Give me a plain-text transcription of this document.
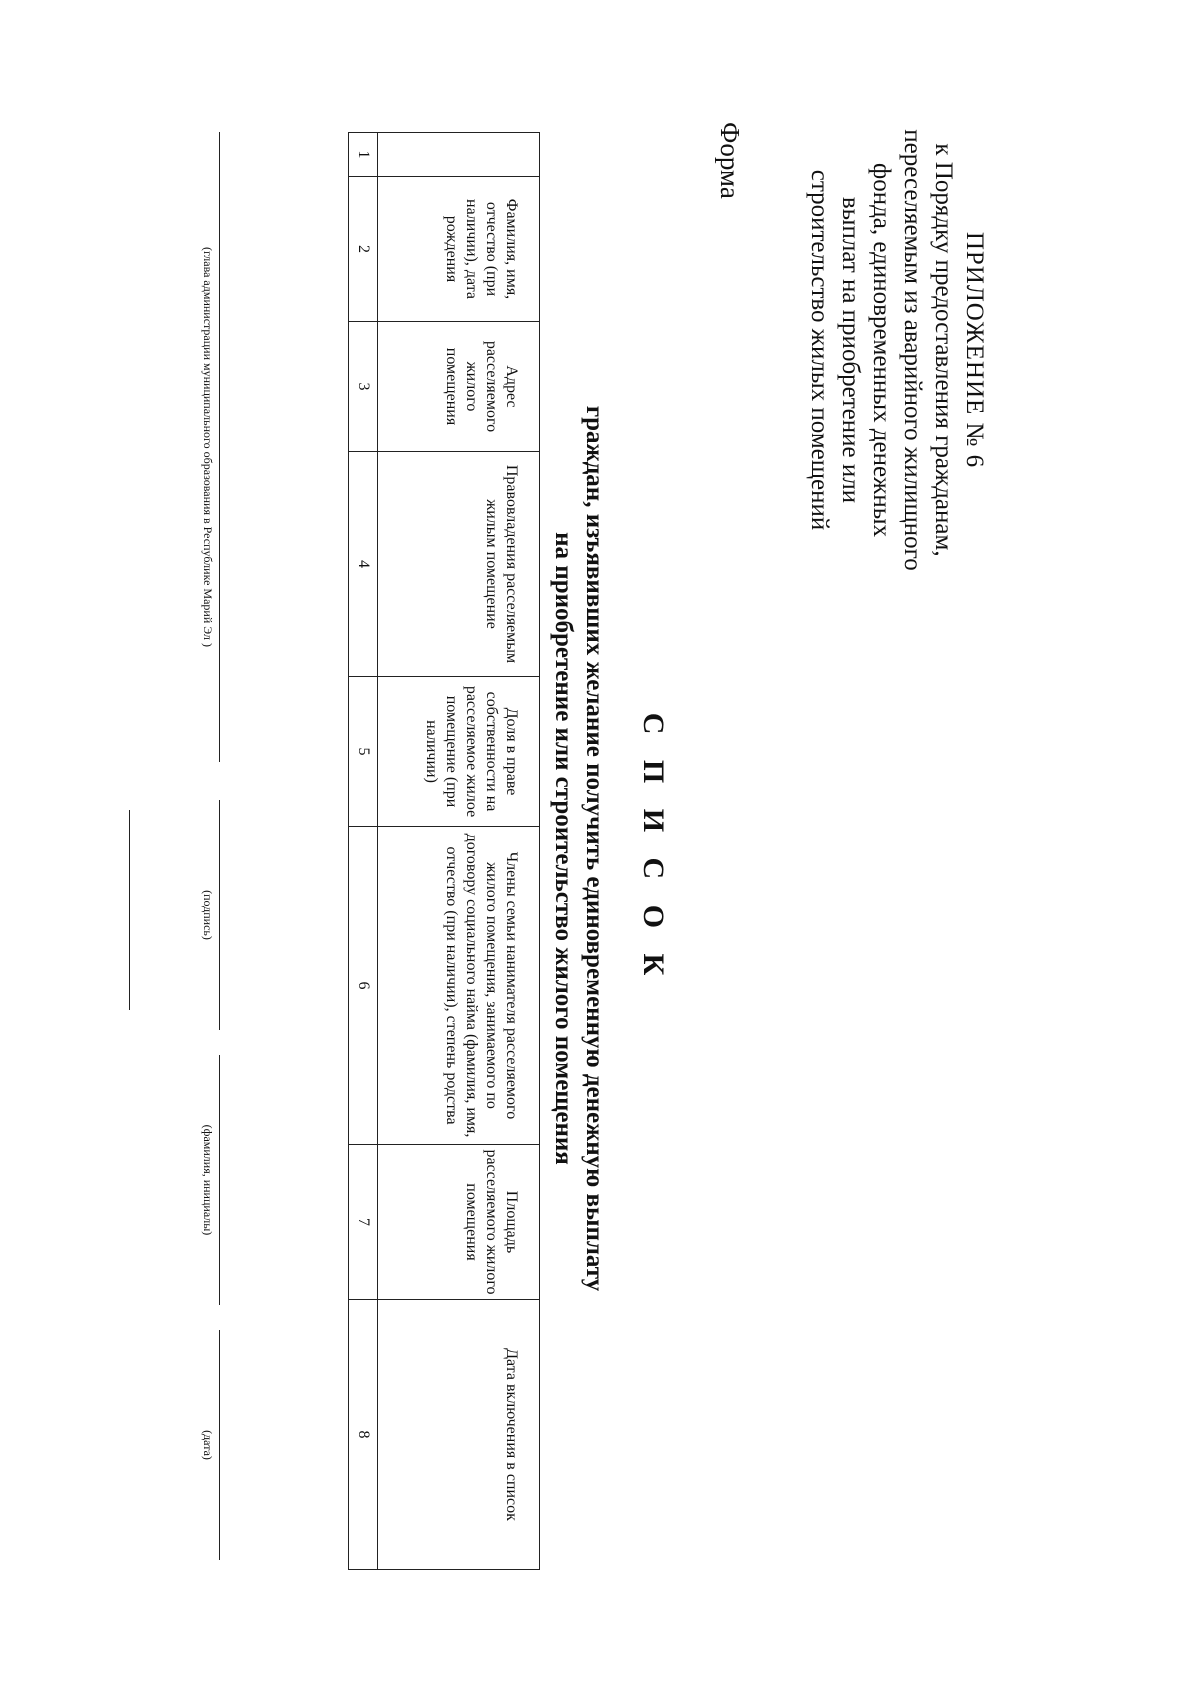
ПРИЛОЖЕНИЕ № 6
к Порядку предоставления гражданам,
переселяемым из аварийного жилищного
фонда, единовременных денежных
выплат на приобретение или
строительство жилых помещений
Форма
С П И С О К
граждан, изъявивших желание получить единовременную денежную выплату
на приобретение или строительство жилого помещения
	Фамилия, имя, отчество (при наличии), дата рождения	Адрес расселяемого жилого помещения	Правовладения расселяемым жилым помещение	Доля в праве собственности на расселяемое жилое помещение (при наличии)	Члены семьи нанимателя расселяемого жилого помещения, занимаемого по договору социального найма (фамилия, имя, отчество (при наличии), степень родства	Площадь расселяемого жилого помещения	Дата включения в список
1	2	3	4	5	6	7	8
(глава администрации муниципального образования в Республике Марий Эл )
(подпись)
(фамилия, инициалы)
(дата)
